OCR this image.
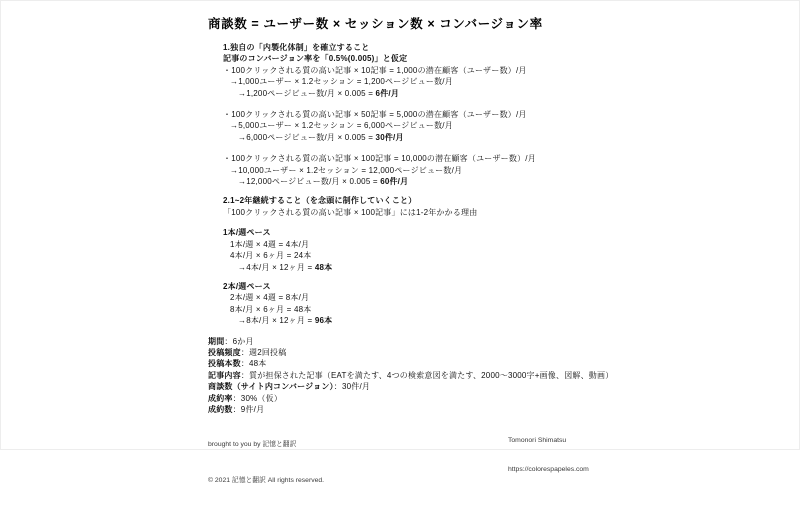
商談数 = ユーザー数 × セッション数 × コンバージョン率
1.独自の「内製化体制」を確立すること
記事のコンバージョン率を「0.5%(0.005)」と仮定
・100クリックされる質の高い記事 × 10記事 = 1,000の潜在顧客（ユーザー数）/月
→1,000ユーザー × 1.2セッション = 1,200ページビュー数/月
→1,200ページビュー数/月 × 0.005 = 6件/月
・100クリックされる質の高い記事 × 50記事 = 5,000の潜在顧客（ユーザー数）/月
→5,000ユーザー × 1.2セッション = 6,000ページビュー数/月
→6,000ページビュー数/月 × 0.005 = 30件/月
・100クリックされる質の高い記事 × 100記事 = 10,000の潜在顧客（ユーザー数）/月
→10,000ユーザー × 1.2セッション = 12,000ページビュー数/月
→12,000ページビュー数/月 × 0.005 = 60件/月
2.1~2年継続すること（を念頭に制作していくこと）
「100クリックされる質の高い記事 × 100記事」には1-2年かかる理由
1本/週ペース
1本/週 × 4週 = 4本/月
4本/月 × 6ヶ月 = 24本
→4本/月 × 12ヶ月 = 48本
2本/週ペース
2本/週 × 4週 = 8本/月
8本/月 × 6ヶ月 = 48本
→8本/月 × 12ヶ月 = 96本
期間：6か月
投稿頻度：週2回投稿
投稿本数：48本
記事内容：質が担保された記事（EATを満たす、4つの検索意図を満たす、2000～3000字+画像、図解、動画）
商談数（サイト内コンバージョン）：30件/月
成約率：30%（仮）
成約数：9件/月

brought to you by 記憶と翻訳

© 2021 記憶と翻訳 All rights reserved.

Tomonori Shimatsu

https://colorespapeles.com
